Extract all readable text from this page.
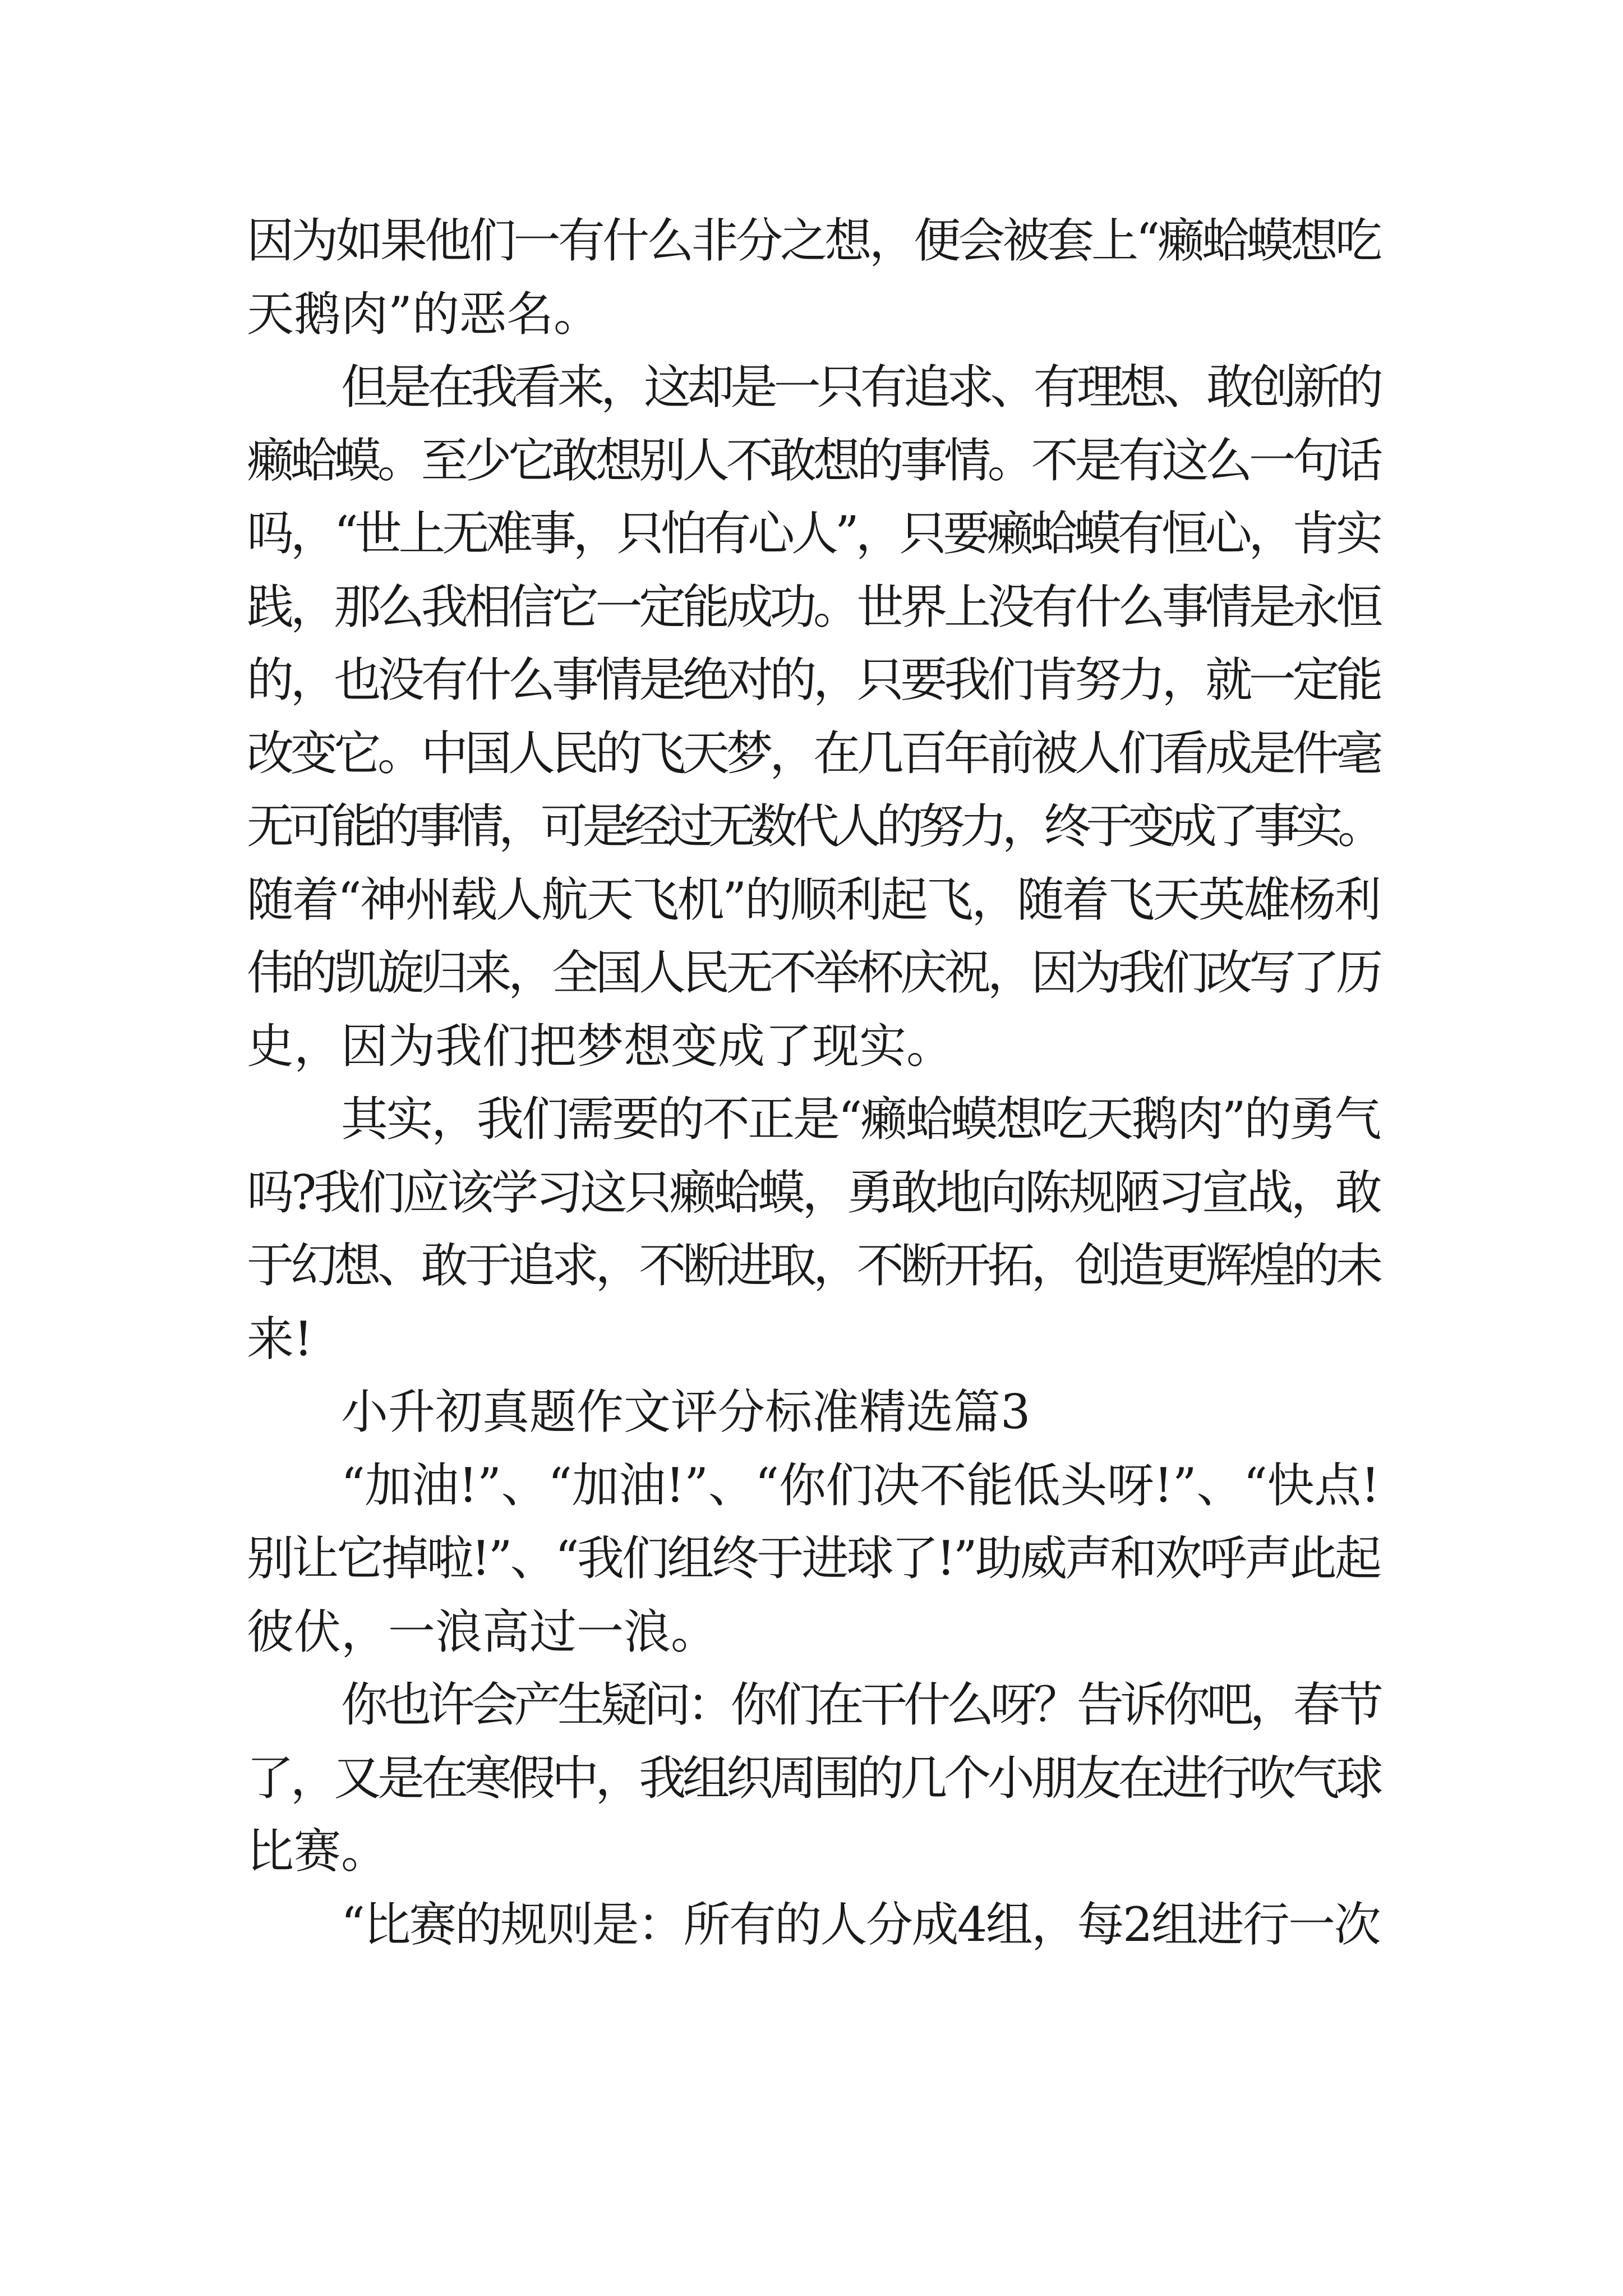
因为如果他们一有什么非分之想，便会被套上“癞蛤蟆想吃
天鹅肉”的恶名。

但是在我看来，这却是一只有追求、有理想、敢创新的
癞蛤蟆。至少它敢想别人不敢想的事情。不是有这么一句话
吗，“世上无难事，只怕有心人”，只要癞蛤蟆有恒心，肯实
践，那么我相信它一定能成功。世界上没有什么事情是永恒
的，也没有什么事情是绝对的，只要我们肯努力，就一定能
改变它。中国人民的飞天梦，在几百年前被人们看成是件毫
无可能的事情，可是经过无数代人的努力，终于变成了事实。
随着“神州载人航天飞机”的顺利起飞，随着飞天英雄杨利
伟的凯旋归来，全国人民无不举杯庆祝，因为我们改写了历
史，因为我们把梦想变成了现实。

其实，我们需要的不正是“癞蛤蟆想吃天鹅肉”的勇气
吗?我们应该学习这只癞蛤蟆，勇敢地向陈规陋习宣战，敢
于幻想、敢于追求，不断进取，不断开拓，创造更辉煌的未
来!

小升初真题作文评分标准精选篇3

“加油!”、“加油!”、“你们决不能低头呀!”、“快点!
别让它掉啦!”、“我们组终于进球了!”助威声和欢呼声此起
彼伏，一浪高过一浪。

你也许会产生疑问：你们在干什么呀？告诉你吧，春节
了，又是在寒假中，我组织周围的几个小朋友在进行吹气球
比赛。

“比赛的规则是：所有的人分成4组，每2组进行一次
